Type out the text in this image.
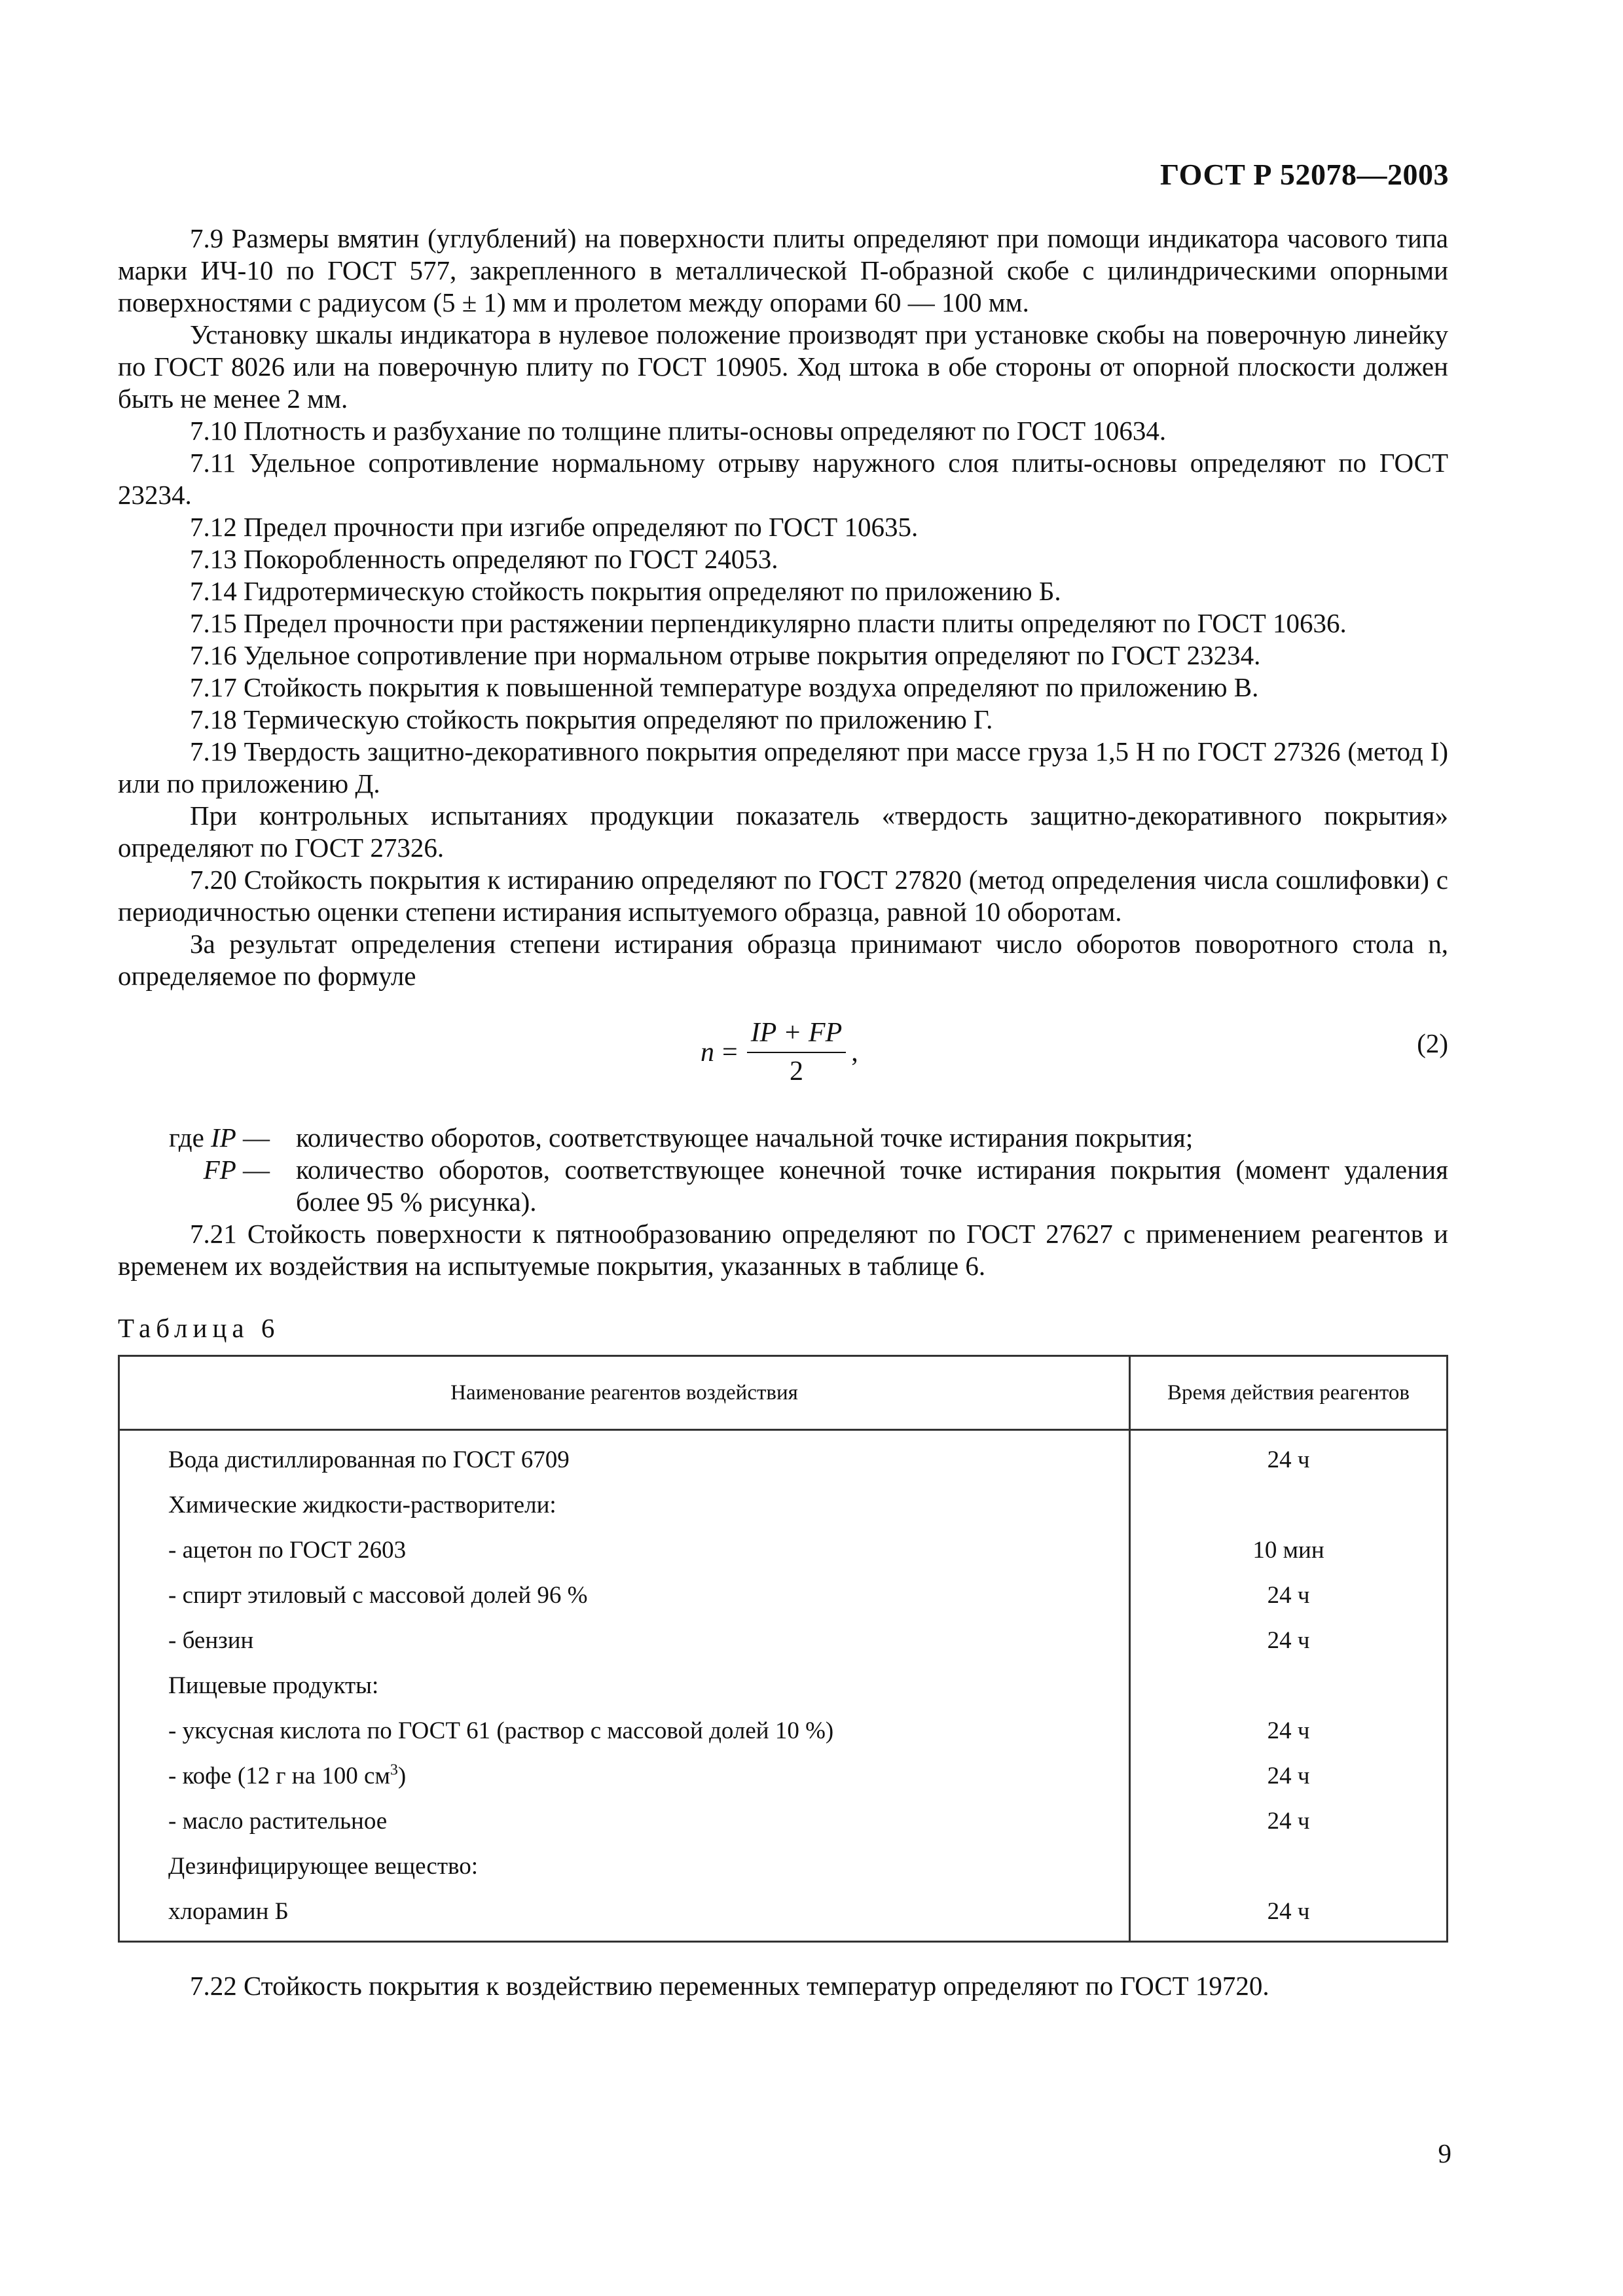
ГОСТ Р 52078—2003

7.9 Размеры вмятин (углублений) на поверхности плиты определяют при помощи индикатора часового типа марки ИЧ-10 по ГОСТ 577, закрепленного в металлической П-образной скобе с цилиндрическими опорными поверхностями с радиусом (5 ± 1) мм и пролетом между опорами 60 — 100 мм.

Установку шкалы индикатора в нулевое положение производят при установке скобы на поверочную линейку по ГОСТ 8026 или на поверочную плиту по ГОСТ 10905. Ход штока в обе стороны от опорной плоскости должен быть не менее 2 мм.

7.10 Плотность и разбухание по толщине плиты-основы определяют по ГОСТ 10634.

7.11 Удельное сопротивление нормальному отрыву наружного слоя плиты-основы определяют по ГОСТ 23234.

7.12 Предел прочности при изгибе определяют по ГОСТ 10635.

7.13 Покоробленность определяют по ГОСТ 24053.

7.14 Гидротермическую стойкость покрытия определяют по приложению Б.

7.15 Предел прочности при растяжении перпендикулярно пласти плиты определяют по ГОСТ 10636.

7.16 Удельное сопротивление при нормальном отрыве покрытия определяют по ГОСТ 23234.

7.17 Стойкость покрытия к повышенной температуре воздуха определяют по приложению В.

7.18 Термическую стойкость покрытия определяют по приложению Г.

7.19 Твердость защитно-декоративного покрытия определяют при массе груза 1,5 Н по ГОСТ 27326 (метод I) или по приложению Д.

При контрольных испытаниях продукции показатель «твердость защитно-декоративного покрытия» определяют по ГОСТ 27326.

7.20 Стойкость покрытия к истиранию определяют по ГОСТ 27820 (метод определения числа сошлифовки) с периодичностью оценки степени истирания испытуемого образца, равной 10 оборотам.

За результат определения степени истирания образца принимают число оборотов поворотного стола n, определяемое по формуле

$n = \frac{IP + FP}{2}$ ,	(2)
где IP — количество оборотов, соответствующее начальной точке истирания покрытия;
FP — количество оборотов, соответствующее конечной точке истирания покрытия (момент удаления более 95 % рисунка).

7.21 Стойкость поверхности к пятнообразованию определяют по ГОСТ 27627 с применением реагентов и временем их воздействия на испытуемые покрытия, указанных в таблице 6.

Таблица 6
Наименование реагентов воздействия	Время действия реагентов
Вода дистиллированная по ГОСТ 6709	24 ч
Химические жидкости-растворители:	
- ацетон по ГОСТ 2603	10 мин
- спирт этиловый с массовой долей 96 %	24 ч
- бензин	24 ч
Пищевые продукты:	
- уксусная кислота по ГОСТ 61 (раствор с массовой долей 10 %)	24 ч
- кофе (12 г на 100 $см^3$)	24 ч
- масло растительное	24 ч
Дезинфицирующее вещество:	
хлорамин Б	24 ч

7.22 Стойкость покрытия к воздействию переменных температур определяют по ГОСТ 19720.

9
